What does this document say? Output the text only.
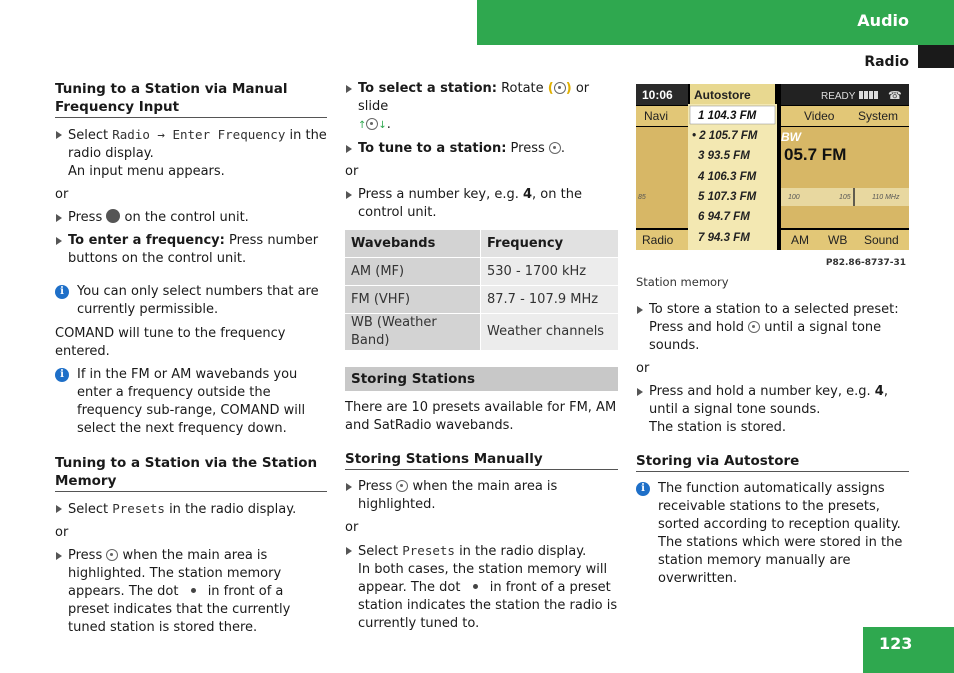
Audio
Radio
Tuning to a Station via Manual Frequency Input
Select Radio → Enter Frequency in the radio display.
An input menu appears.
or
Press  on the control unit.
To enter a frequency: Press number buttons on the control unit.
i	You can only select numbers that are currently permissible.
COMAND will tune to the frequency entered.
i	If in the FM or AM wavebands you enter a frequency outside the frequency sub-range, COMAND will select the next frequency down.
Tuning to a Station via the Station Memory
Select Presets in the radio display.
or
Press  when the main area is highlighted. The station memory appears. The dot  in front of a preset indicates that the currently tuned station is stored there.
To select a station: Rotate ( ) or slide
↑ ↓.
To tune to a station: Press .
or
Press a number key, e.g. 4, on the control unit.
Wavebands	Frequency
AM (MF)	530 - 1700 kHz
FM (VHF)	87.7 - 107.9 MHz
WB (Weather Band)	Weather channels
Storing Stations
There are 10 presets available for FM, AM and SatRadio wavebands.
Storing Stations Manually
Press  when the main area is highlighted.
or
Select Presets in the radio display.
In both cases, the station memory will appear. The dot  in front of a preset station indicates the station the radio is currently tuned to.
10:06 Autostore	READY	☎
Navi	Video System
BW
05.7 FM
85	100	105	110 MHz
1 104.3 FM
• 2 105.7 FM
3 93.5 FM
4 106.3 FM
5 107.3 FM
6 94.7 FM
7 94.3 FM
Radio	AM WB Sound
P82.86-8737-31
Station memory
To store a station to a selected preset: Press and hold  until a signal tone sounds.
or
Press and hold a number key, e.g. 4, until a signal tone sounds.
The station is stored.
Storing via Autostore
i	The function automatically assigns receivable stations to the presets, sorted according to reception quality. The stations which were stored in the station memory manually are overwritten.
123
